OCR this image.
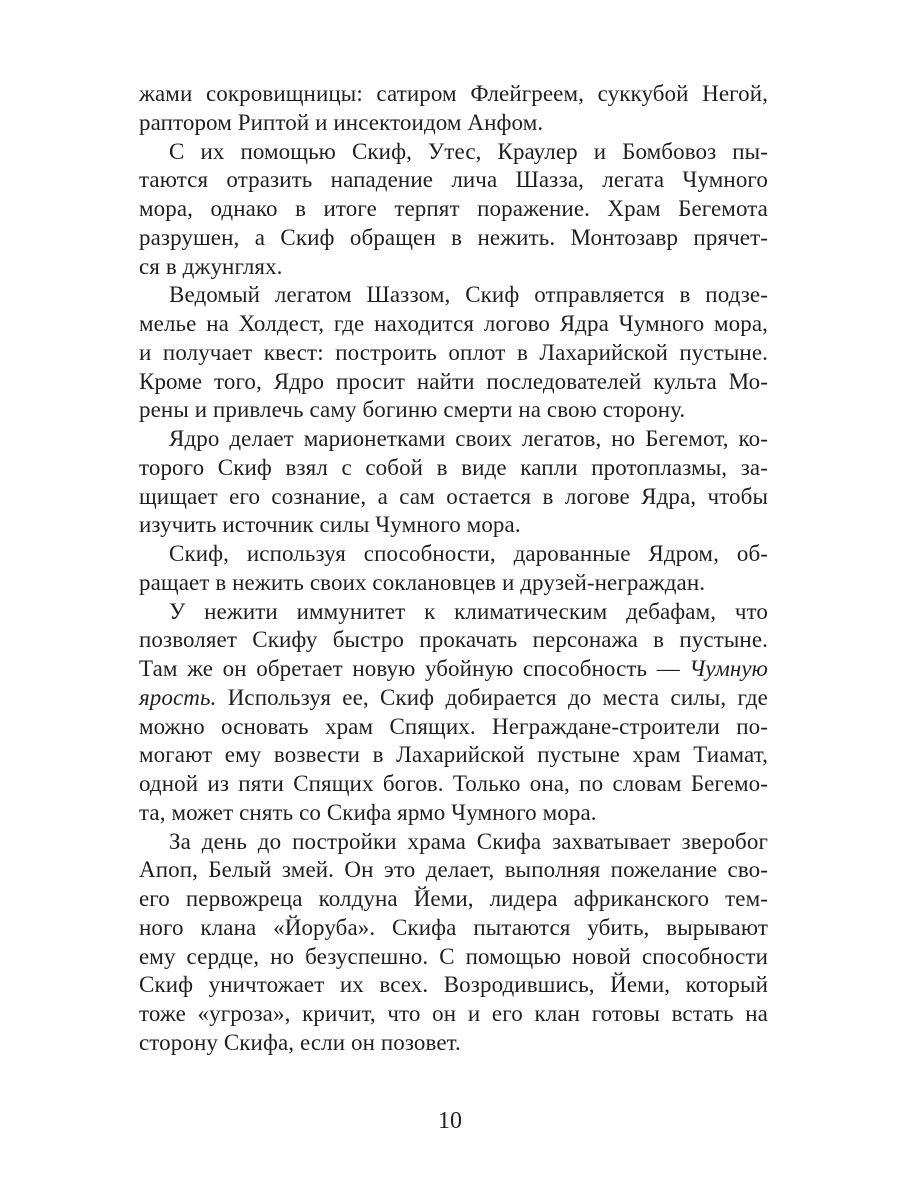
жами сокровищницы: сатиром Флейгреем, суккубой Негой,
раптором Риптой и инсектоидом Анфом.
С их помощью Скиф, Утес, Краулер и Бомбовоз пы-
таются отразить нападение лича Шазза, легата Чумного
мора, однако в итоге терпят поражение. Храм Бегемота
разрушен, а Скиф обращен в нежить. Монтозавр прячет-
ся в джунглях.
Ведомый легатом Шаззом, Скиф отправляется в подзе-
мелье на Холдест, где находится логово Ядра Чумного мора,
и получает квест: построить оплот в Лахарийской пустыне.
Кроме того, Ядро просит найти последователей культа Мо-
рены и привлечь саму богиню смерти на свою сторону.
Ядро делает марионетками своих легатов, но Бегемот, ко-
торого Скиф взял с собой в виде капли протоплазмы, за-
щищает его сознание, а сам остается в логове Ядра, чтобы
изучить источник силы Чумного мора.
Скиф, используя способности, дарованные Ядром, об-
ращает в нежить своих соклановцев и друзей-неграждан.
У нежити иммунитет к климатическим дебафам, что
позволяет Скифу быстро прокачать персонажа в пустыне.
Там же он обретает новую убойную способность — Чумную
ярость. Используя ее, Скиф добирается до места силы, где
можно основать храм Спящих. Неграждане-строители по-
могают ему возвести в Лахарийской пустыне храм Тиамат,
одной из пяти Спящих богов. Только она, по словам Бегемо-
та, может снять со Скифа ярмо Чумного мора.
За день до постройки храма Скифа захватывает зверобог
Апоп, Белый змей. Он это делает, выполняя пожелание сво-
его первожреца колдуна Йеми, лидера африканского тем-
ного клана «Йоруба». Скифа пытаются убить, вырывают
ему сердце, но безуспешно. С помощью новой способности
Скиф уничтожает их всех. Возродившись, Йеми, который
тоже «угроза», кричит, что он и его клан готовы встать на
сторону Скифа, если он позовет.
10
